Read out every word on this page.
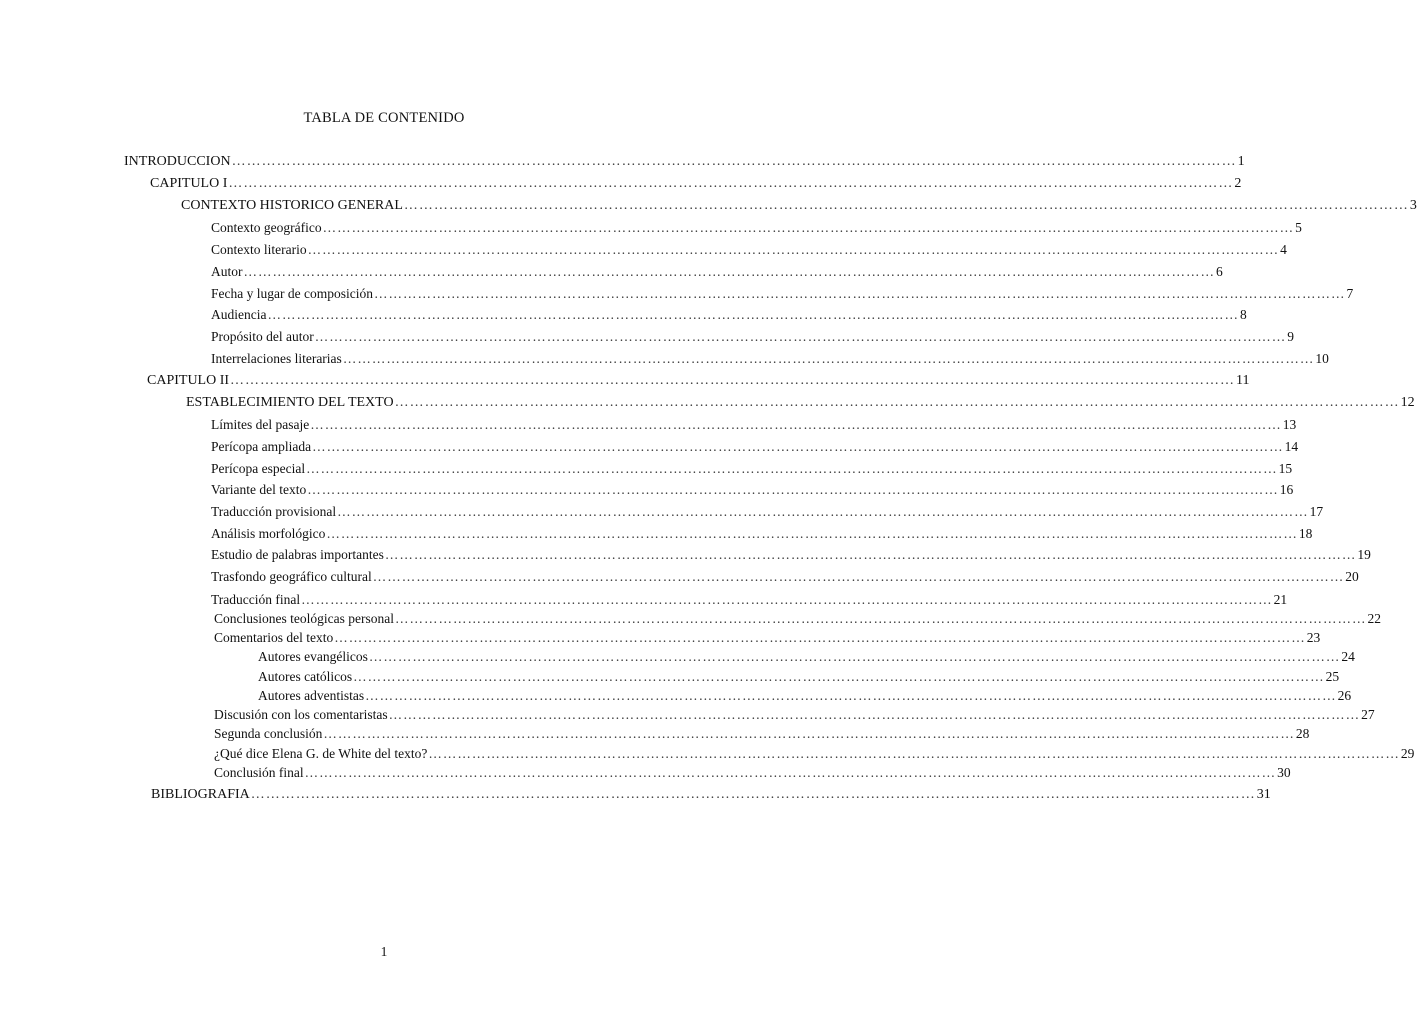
TABLA DE CONTENIDO
INTRODUCCION ………………………………………………………………………………………………………………………………………………………………………………… 1
CAPITULO I ………………………………………………………………………………………………………………………………………………………………………………… 2
CONTEXTO HISTORICO GENERAL ………………………………………………………………………………………………………………………………………………………………………………… 3
Contexto geográfico ………………………………………………………………………………………………………………………………………………………………………………… 5
Contexto literario ………………………………………………………………………………………………………………………………………………………………………………… 4
Autor ………………………………………………………………………………………………………………………………………………………………………………… 6
Fecha y lugar de composición ………………………………………………………………………………………………………………………………………………………………………………… 7
Audiencia ………………………………………………………………………………………………………………………………………………………………………………… 8
Propósito del autor ………………………………………………………………………………………………………………………………………………………………………………… 9
Interrelaciones literarias ………………………………………………………………………………………………………………………………………………………………………………… 10
CAPITULO II ………………………………………………………………………………………………………………………………………………………………………………… 11
ESTABLECIMIENTO DEL TEXTO ………………………………………………………………………………………………………………………………………………………………………………… 12
Límites del pasaje ………………………………………………………………………………………………………………………………………………………………………………… 13
Perícopa ampliada ………………………………………………………………………………………………………………………………………………………………………………… 14
Perícopa especial ………………………………………………………………………………………………………………………………………………………………………………… 15
Variante del texto ………………………………………………………………………………………………………………………………………………………………………………… 16
Traducción provisional ………………………………………………………………………………………………………………………………………………………………………………… 17
Análisis morfológico ………………………………………………………………………………………………………………………………………………………………………………… 18
Estudio de palabras importantes ………………………………………………………………………………………………………………………………………………………………………………… 19
Trasfondo geográfico cultural ………………………………………………………………………………………………………………………………………………………………………………… 20
Traducción final ………………………………………………………………………………………………………………………………………………………………………………… 21
Conclusiones teológicas personal ………………………………………………………………………………………………………………………………………………………………………………… 22
Comentarios del texto ………………………………………………………………………………………………………………………………………………………………………………… 23
Autores evangélicos ………………………………………………………………………………………………………………………………………………………………………………… 24
Autores católicos ………………………………………………………………………………………………………………………………………………………………………………… 25
Autores adventistas ………………………………………………………………………………………………………………………………………………………………………………… 26
Discusión con los comentaristas ………………………………………………………………………………………………………………………………………………………………………………… 27
Segunda conclusión ………………………………………………………………………………………………………………………………………………………………………………… 28
¿Qué dice Elena G. de White del texto? ………………………………………………………………………………………………………………………………………………………………………………… 29
Conclusión final ………………………………………………………………………………………………………………………………………………………………………………… 30
BIBLIOGRAFIA ………………………………………………………………………………………………………………………………………………………………………………… 31
1
